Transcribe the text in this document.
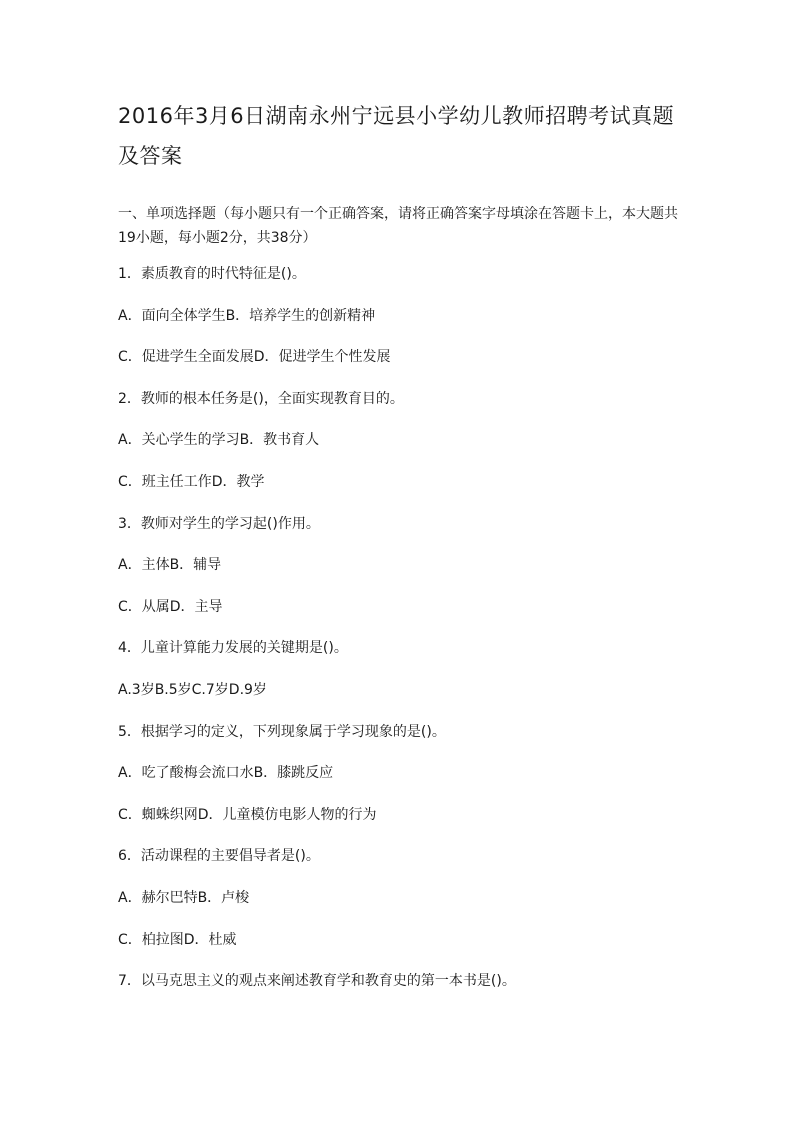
2016年3月6日湖南永州宁远县小学幼儿教师招聘考试真题及答案

一、单项选择题（每小题只有一个正确答案，请将正确答案字母填涂在答题卡上，本大题共19小题，每小题2分，共38分）

1．素质教育的时代特征是()。
A．面向全体学生B．培养学生的创新精神
C．促进学生全面发展D．促进学生个性发展
2．教师的根本任务是()，全面实现教育目的。
A．关心学生的学习B．教书育人
C．班主任工作D．教学
3．教师对学生的学习起()作用。
A．主体B．辅导
C．从属D．主导
4．儿童计算能力发展的关键期是()。
A.3岁B.5岁C.7岁D.9岁
5．根据学习的定义，下列现象属于学习现象的是()。
A．吃了酸梅会流口水B．膝跳反应
C．蜘蛛织网D．儿童模仿电影人物的行为
6．活动课程的主要倡导者是()。
A．赫尔巴特B．卢梭
C．柏拉图D．杜威
7．以马克思主义的观点来阐述教育学和教育史的第一本书是()。
